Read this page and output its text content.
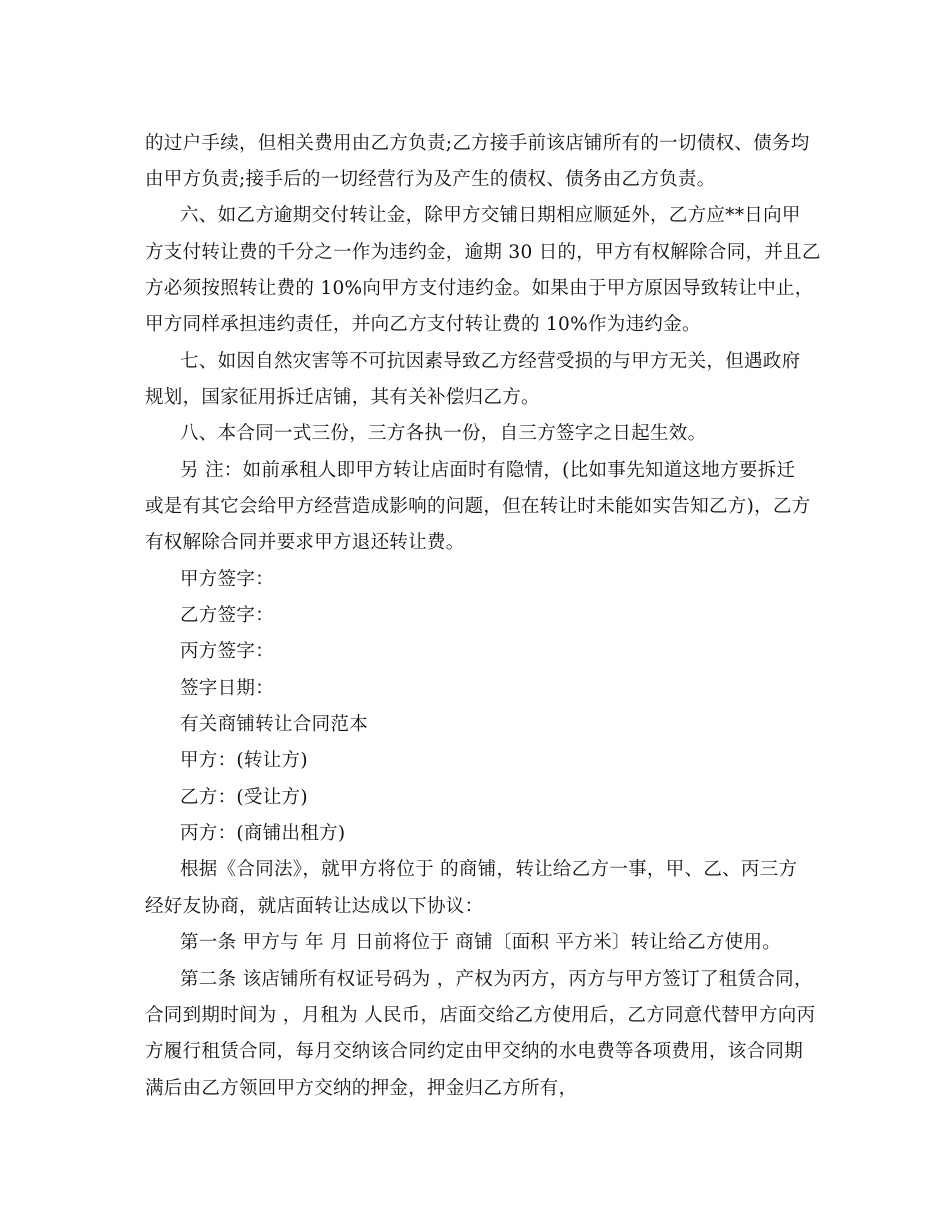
的过户手续，但相关费用由乙方负责;乙方接手前该店铺所有的一切债权、债务均
由甲方负责;接手后的一切经营行为及产生的债权、债务由乙方负责。
六、如乙方逾期交付转让金，除甲方交铺日期相应顺延外，乙方应**日向甲
方支付转让费的千分之一作为违约金，逾期 30 日的，甲方有权解除合同，并且乙
方必须按照转让费的 10%向甲方支付违约金。如果由于甲方原因导致转让中止，
甲方同样承担违约责任，并向乙方支付转让费的 10%作为违约金。
七、如因自然灾害等不可抗因素导致乙方经营受损的与甲方无关，但遇政府
规划，国家征用拆迁店铺，其有关补偿归乙方。
八、本合同一式三份，三方各执一份，自三方签字之日起生效。
另 注：如前承租人即甲方转让店面时有隐情，(比如事先知道这地方要拆迁
或是有其它会给甲方经营造成影响的问题，但在转让时未能如实告知乙方)，乙方
有权解除合同并要求甲方退还转让费。
甲方签字：
乙方签字：
丙方签字：
签字日期：
有关商铺转让合同范本
甲方：(转让方)
乙方：(受让方)
丙方：(商铺出租方)
根据《合同法》，就甲方将位于 的商铺，转让给乙方一事，甲、乙、丙三方
经好友协商，就店面转让达成以下协议：
第一条 甲方与 年 月 日前将位于 商铺〔面积 平方米〕转让给乙方使用。
第二条 该店铺所有权证号码为 ，产权为丙方，丙方与甲方签订了租赁合同，
合同到期时间为 ，月租为 人民币，店面交给乙方使用后，乙方同意代替甲方向丙
方履行租赁合同，每月交纳该合同约定由甲交纳的水电费等各项费用，该合同期
满后由乙方领回甲方交纳的押金，押金归乙方所有，
